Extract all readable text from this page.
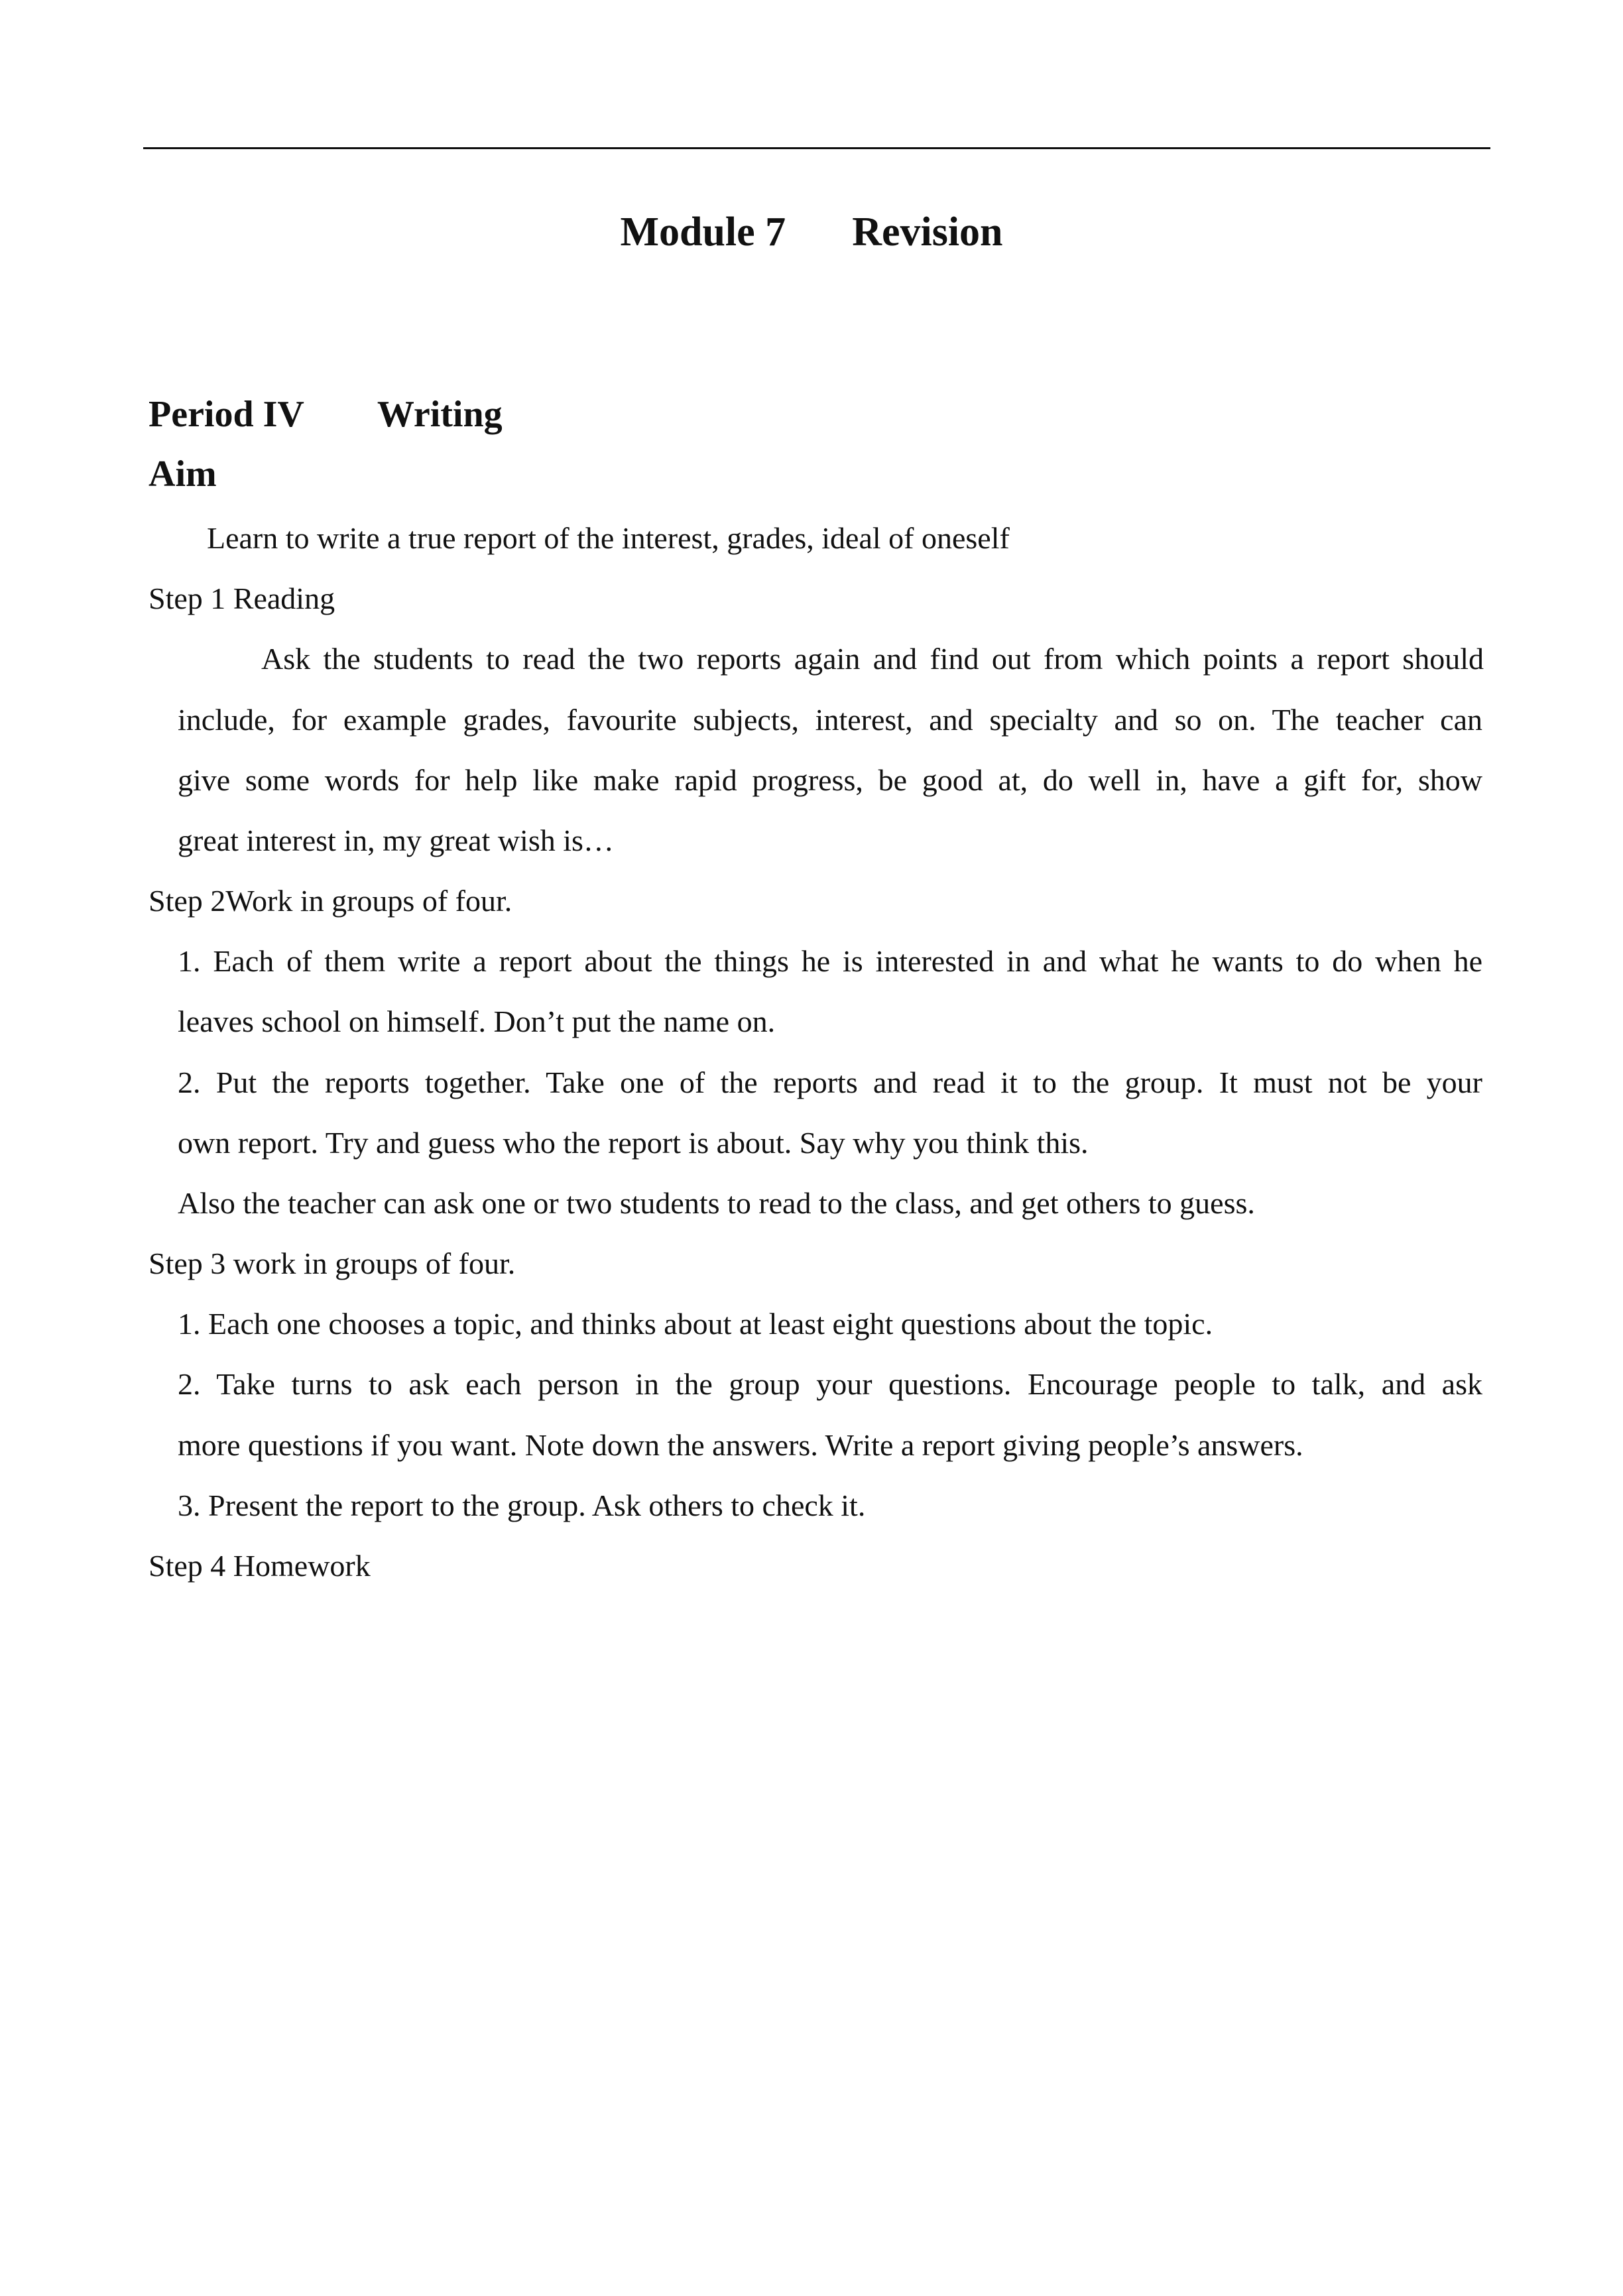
Module 7 Revision
Period IV Writing
Aim
Learn to write a true report of the interest, grades, ideal of oneself
Step 1 Reading
Ask the students to read the two reports again and find out from which points a report should
include, for example grades, favourite subjects, interest, and specialty and so on. The teacher can
give some words for help like make rapid progress, be good at, do well in, have a gift for, show
great interest in, my great wish is…
Step 2Work in groups of four.
1. Each of them write a report about the things he is interested in and what he wants to do when he
leaves school on himself. Don’t put the name on.
2. Put the reports together. Take one of the reports and read it to the group. It must not be your
own report. Try and guess who the report is about. Say why you think this.
Also the teacher can ask one or two students to read to the class, and get others to guess.
Step 3 work in groups of four.
1. Each one chooses a topic, and thinks about at least eight questions about the topic.
2. Take turns to ask each person in the group your questions. Encourage people to talk, and ask
more questions if you want. Note down the answers. Write a report giving people’s answers.
3. Present the report to the group. Ask others to check it.
Step 4 Homework
